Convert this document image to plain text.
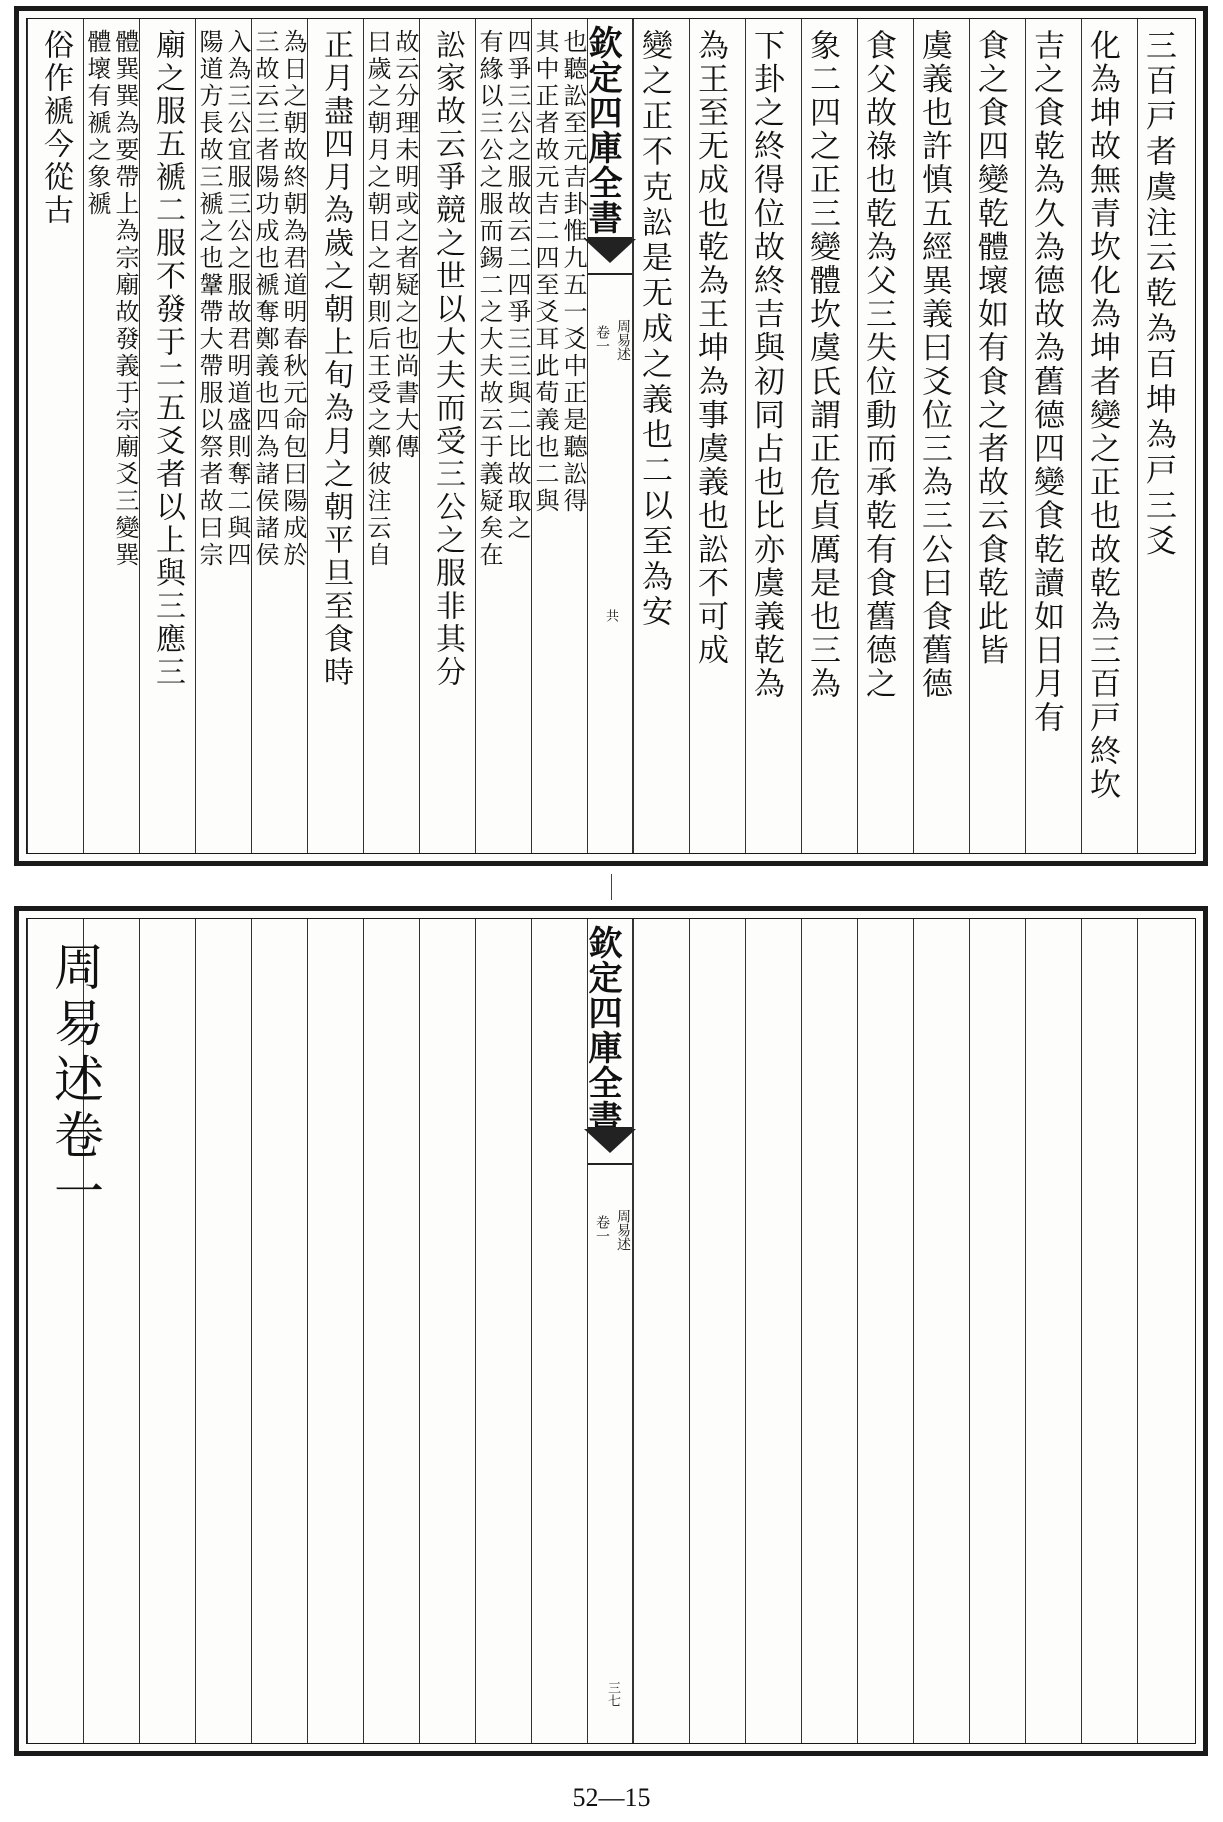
變之正不克訟是无成之義也二以至為安 為王至无成也乾為王坤為事虞義也訟不可成 下卦之終得位故終吉與初同占也比亦虞義乾為 象二四之正三變體坎虞氏謂正危貞厲是也三為 食父故祿也乾為父三失位動而承乾有食舊德之 虞義也許慎五經異義曰爻位三為三公曰食舊德 食之食四變乾體壞如有食之者故云食乾此皆 吉之食乾為久為德故為舊德四變食乾讀如日月有 化為坤故無青坎化為坤者變之正也故乾為三百戸終坎 三百戸者虞注云乾為百坤為戸三爻
俗作褫今從古	體巽巽為要帶上為宗廟故發義于宗廟爻三變巽
體壞有褫之象褫	廟之服五褫二服不發于二五爻者以上與三應三	入為三公宜服三公之服故君明道盛則奪二與四
陽道方長故三褫之也鞶帶大帶服以祭者故曰宗 為日之朝故終朝為君道明春秋元命包曰陽成於
三故云三者陽功成也褫奪鄭義也四為諸侯諸侯	正月盡四月為歲之朝上旬為月之朝平旦至食時	故云分理未明或之者疑之也尚書大傳
曰歲之朝月之朝日之朝則后王受之鄭彼注云自	訟家故云爭競之世以大夫而受三公之服非其分	四爭三公之服故云二四爭三三與二比故取之
有緣以三公之服而錫二之大夫故云于義疑矣在 也聽訟至元吉卦惟九五一爻中正是聽訟得
其中正者故元吉二四至爻耳此荀義也二與 欽定四庫全書
周易述
卷一
共
欽定四庫全書
周易述
卷一
三七
周易述卷一
52—15
